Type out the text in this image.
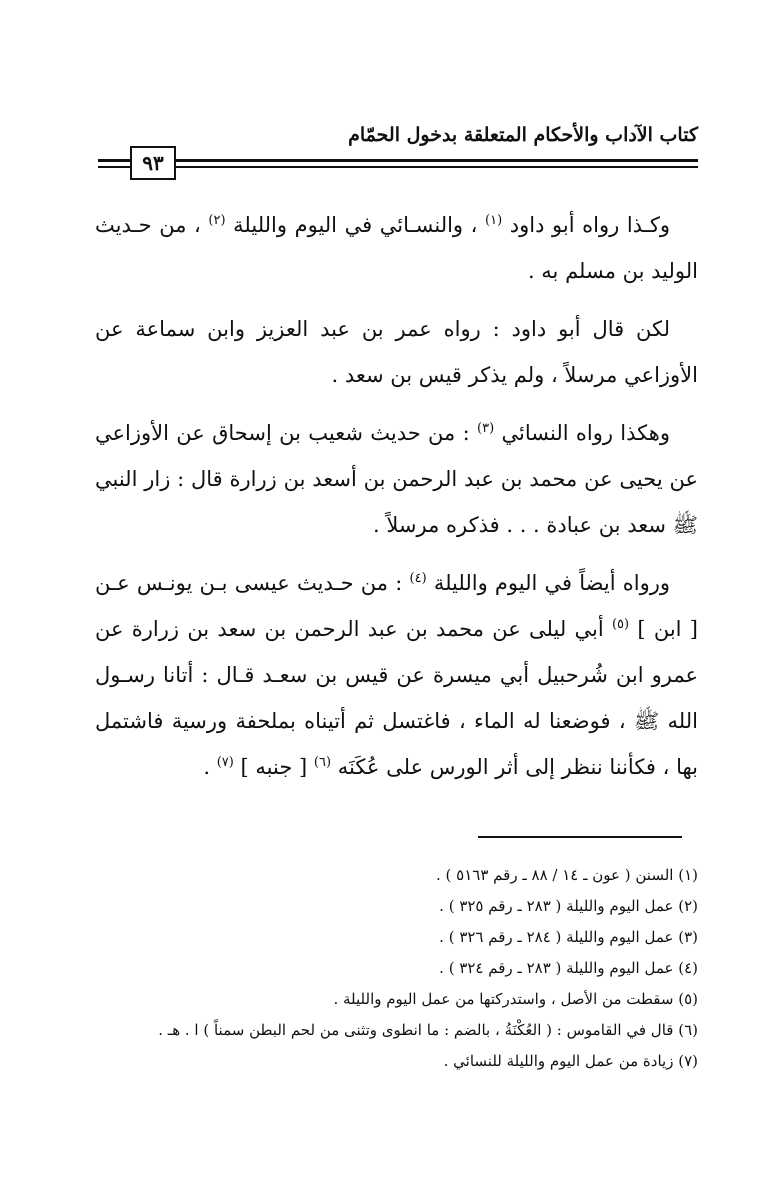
كتاب الآداب والأحكام المتعلقة بدخول الحمّام
٩٣

وكـذا رواه أبو داود $^{(١)}$ ، والنسـائي في اليوم والليلة $^{(٢)}$ ، من حـديث الوليد بن مسلم به .

لكن قال أبو داود : رواه عمر بن عبد العزيز وابن سماعة عن الأوزاعي مرسلاً ، ولم يذكر قيس بن سعد .

وهكذا رواه النسائي $^{(٣)}$ : من حديث شعيب بن إسحاق عن الأوزاعي عن يحيى عن محمد بن عبد الرحمن بن أسعد بن زرارة قال : زار النبي ﷺ سعد بن عبادة . . . فذكره مرسلاً .

ورواه أيضاً في اليوم والليلة $^{(٤)}$ : من حـديث عيسى بـن يونـس عـن [ ابن ] $^{(٥)}$ أبي ليلى عن محمد بن عبد الرحمن بن سعد بن زرارة عن عمرو ابن شُرحبيل أبي ميسرة عن قيس بن سعـد قـال : أتانا رسـول الله ﷺ ، فوضعنا له الماء ، فاغتسل ثم أتيناه بملحفة ورسية فاشتمل بها ، فكأننا ننظر إلى أثر الورس على عُكَنَه $^{(٦)}$ [ جنبه ] $^{(٧)}$ .

(١) السنن ( عون ـ ١٤ / ٨٨ ـ رقم ٥١٦٣ ) .

(٢) عمل اليوم والليلة ( ٢٨٣ ـ رقم ٣٢٥ ) .

(٣) عمل اليوم والليلة ( ٢٨٤ ـ رقم ٣٢٦ ) .

(٤) عمل اليوم والليلة ( ٢٨٣ ـ رقم ٣٢٤ ) .

(٥) سقطت من الأصل ، واستدركتها من عمل اليوم والليلة .

(٦) قال في القاموس : ( العُكْنَةُ ، بالضم : ما انطوى وتثنى من لحم البطن سمناً ) ا . هـ .

(٧) زيادة من عمل اليوم والليلة للنسائي .
